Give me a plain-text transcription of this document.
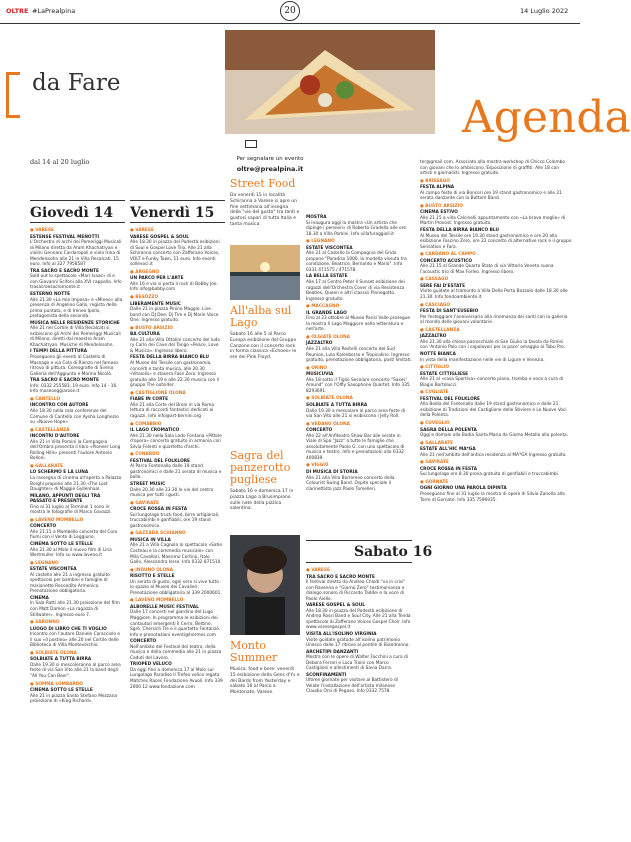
OLTRE #LaPrealpina	20	14 Luglio 2022
da Fare
dal 14 al 20 luglio	Per segnalare un evento
oltre@prealpina.it
Agenda
Giovedì 14 Venerdì 15
● VARESE
ESTENSE FESTIVAL MENOTTI

L'Orchestra di archi dei Pomeriggi Musicali di Milano diretta da Aram Khachatryan e violini Gennaro Cardaropoli e viola Irina di Mendelssohn alle 21 in Villa Recalcati. 15 euro. Info al 327 7958587

TRA SACRO E SACRO MONTE

Sold out lo spettacolo «Marr Isaac» di e con Giovanni Scifoni alla XVI cappella. Info trasacroesacromonte.it

ESTERNO NOTTE

Alle 21.30 «La mia Imposa» e «Mineo» alla presenza di Angelino Gallo, regista della prima puntata, e di Ireneo Ipollo, protagonista della seconda.

MUSICA NELLE RESIDENZE STORICHE

Alle 21 nel Cortile di Villa Recalcati si esibiscono gli Archi dei Pomeriggi Musicali di Milano, diretti dal maestro Aram Khachatryan. Musiche di Mendelssohn.

I TEMPI DELLA PITTURA

Proseguono gli eventi al Castello di Masnago e via Cola di Rienzo nel famoso ritrovo di pittura. Coreografie di Sirena Galleria dell'Aggiunta e Marina Nicolò.

TRA SACRO E SACRO MONTE

Info: 0332 255583, 19 euro. Info 14 - 16. Info museoeggiarose.it

● CANTELLO
INCONTRO CON AUTORE

Alle 18.30 nella sala conferenze del Comune di Cantello con Aysha Longhezio su «Nuove Hope».

● CASTELLANZA
INCONTRI D'AUTORE

Alle 21 in Villa Pomini la Compagnia dell'Ombra presenta il libro «Pioneer Long Rolling Hills» presenti l'autore Antonio Belloni.

● GALLARATE
LO SCHERMO E LA LUNA

La rassegna di cinema all'aperto a Palazzo Borghi propone alle 21.30 «The Lost Daughter» di Maggie Gyllenhaal.

MILANO, APPUNTI DEGLI TRA PASSATO E PRESENTE

Fino al 31 luglio al Terminal 1 sono in mostra le fotografie di Marco Gavazzi.

● LAVENO MOMBELLO
CONCERTO

Alle 21.15 a Mombello concerto del Coro fiumi con il Vento di Leggiuno.

CINEMA SOTTO LE STELLE

Alle 21.30 al Molo il nuovo film di Lina Wertmuller. Info su www.laveno.it

● LEGNANO
ESTATE VISCONTEA

Al castello alle 21 a ingresso gratuito spettacolo per bambini e famiglie di marionette Recondito Armonico. Prenotazione obbligatoria.

CINEMA

In Sala Ratti alle 21.30 proiezione del film con Matt Damon «La ragazza di Stillwater». Ingresso euro 7.

● SARONNO
LUOGO DI LIBRO CHE TI VOGLIO

Incontro con l'autore Daniele Caracciolo e il suo «Il postino» alle 20 nel Cortile delle Biblioteca di Villa Monteverchio.

● SOLBIATE OLONA
SOLBIATE A TUTTA BIRRA

Dalle 19.30 si mescoleranno al parco area feste di via San Vito alle 21 la band degli "All You Can Beer".

● SOMMA LOMBARDO
CINEMA SOTTO LE STELLE

Alle 21 in piazza Santo Stefano Mezzana proiezione di «King Richard».

● VARESE
VARESE GOSPEL & SOUL

Alle 18.30 in piazza del Podestà esibizioni di Soul e Gospel Love Trio. Alle 21 alla Schiranna concerto con Zafferano Voices, VOLT e Funky Town, 11 euro. Info eventi sollevoci.it

● ARGEGNO
UN PARCO PER L'ARTE

Alle 16 e via si porta il rock di Bobby Joe. Info info@bobby.com

● BESOZZO
LIBERAMENTE MUSIC

Dalle 21 in piazza Pinino Maggio. Live band con DJ Dee, Dj Tim e Dj Marin Voice One. Ingresso gratuito.

● BUSTO ARSIZIO
BA CULTURA

Alle 21 alla Villa Ottolini concerto del ludo ry Carlo dei Cave del Tango «Peace, Love & Musica». Ingresso libero.

FESTA DELLA BIRRA BIANCO BLU

Al Museo del Tessile con gastronomia, concerti e tanta musica, alle 20.30 «Vitaiolis» e stasera Fase Zero. Ingresso gratuito alle 19 e alle 22.30 musica con il gruppo The outsider.

● CASTIGLIONE OLONA
FIABE IN CORTE

Alle 21 alla Corte del Broni in via Roma lettura di racconti fantastici dedicati ai ragazzi. Info info@art-bernini.org

● COMABBIO
IL LAGO CROMATICO

Alle 21.30 nella Sala Lodo Fontana «Pittole d'opera» concerto gratuito in armonia con Silvia Felenti e quartetto d'archi.

● CUNARDO
FESTIVAL DEL FOLKLORE

Al Parco Fontenallo dalle 19 stand gastronomici e dalle 21 serata di musica e ballo.

STREET MUSIC

Dalle 20.30 alle 23.30 le vie del centro musica per tutti i gusti.

● GAVIRATE
CROCE ROSSA IN FESTA

Sul lungolago truck food, birre artigianali, truccabimbi e gonfiabili, ore 19 stand gastronomico.

● GAZZADA SCHIANNO
MUSICA IN VILLA

Alle 21 a Villa Cagnola lo spettacolo «Satie Cocteau e la commedia musicale» con Mila Cavallari, Massimo Cortinù, Italo Gallo, Alessandra Ierse. Info 0332 871510.

● INDUNO OLONA
RISOTTO E STELLE

Un serata di gusto, ogni sera si vive tutto lo spazio al Museo dei Cavalieri. Prenotazione obbligatoria al 339 2000601.

● LAVENO MOMBELLO
ALBORELLE MUSIC FESTIVAL

Dalle 17 concerti nel giardino del Lugo Maggiore. In programma le esibizioni dei cantautori emergenti Il Cerro, Bettine, Sgrò, Chersich Tre e il quartetto Fantanzò. Info e prenotazioni eventi@hermes.com

CONCERTO

Nell'ambito del Festival del teatro, della musica e della commedia alle 21 in piazza Caduti del Lavoro.

TRIOPED VELUCO

Da oggi fino a domenica 17 al Molo sul Lungolago Paradiso Il Trofeo velico regata Matches Races Fondazione Avuoli. Info 339 2000 12 www.fondazione.com

Street Food
Da venerdì 15 in località Schiranna a Varese si apre un fine settimana all'insegna delle "vie del gusto" tra tanti e gustosi sapori di tutta Italia e tanta musica.
All'alba sul Lago
Sabato 16 alle 5 al Parco Europa esibizione del Gruppo Canzone con il concerto rock in forma classica «Echoes» le ere dei Pink Floyd.
Sagra del panzerotto pugliese
Sabato 16 e domenica 17 in piazza Lago a Brusimpiano sulle note della pizzica salentina.
Monto Summer
Musica, food e bere: venerdì 15 esibizione della Gens d'Ys e dei Bards from Yesterday e sabato 16 al Parco a Montonate, Varese.
MOSTRA

Si inaugura oggi la mostra «Un artista che dipinge i pensieri» di Roberto Gradella alle ore 18.30 a Villa Pomini. Info villafuraggioli.it

● LEGNANO
ESTATE VISCONTEA

Alle 21 al Castello la Compagnia del Grido propone "Paradiso 1000, la modella vissuta tra condizione, Beatrice, Bernardo e Mario". Info 0331 471575 / 471578.

LA BELLA ESTATE

Alle 17 al Centro Peter il Sunset esibizione dei ragazzi dell'Orchestra Cover di via Resistenza Beatles, Queen e altri classici Pinnegotto. Ingresso gratuito.

● MACCAGNO
IL GRANDE LAGO

Fino al 23 ottobre al Museo Parisi Valle prosegue la mostra Il Lago Maggiore nella letteratura e nell'arte.

● OLGIATE OLONA
JAZZALTRO

Alle 21 alla Villa Restelli concerto del Sud Reunion, Lula Kalenborso e Tropicalino. Ingresso gratuito, prenotazione obbligatoria, posti limitati.

● ORINO
MUSICUVIA

Alle 18 sotto il Tiglio Secolare concerto "Saxes' Around" con l'Olfly Saxophone Quartet. Info 335 8293691.

● SOLBIATE OLONA
SOLBIATE A TUTTA BIRRA

Dalle 19.30 a mescolare al parco area feste di via San Vito alle 21 si esibiscono i Jelly Roll.

● VEDANO OLONA
CONCERTO

Alle 22 all'Anfiteatro Shaw Bar alle serate in Viale di Spa "Jazz" a tutte le famiglie che assolutamente Paolo G. con uno spettacolo di musica e teatro. Info e prenotazioni allo 0332 400839.

● VIGGIÙ
DI MUSICA DI STORIA

Alle 21 alla Villa Borromeo concerto della Colourist Swing Band. Ospite speciale il clarinettista jazz Paolo Tomelleri.

Sabato 16
● VARESE
TRA SACRO E SACRO MONTE

Il festival diretto da Andrea Chiodi "va in crisi" con Ravenna e "Giorno Zero" testimonianza e dialogo sonoro di Riccardo Taddei e la voce di Paolo Aiello.

VARESE GOSPEL & SOUL

Alle 18.30 in piazza del Podestà esibizione di Andrea Rossi Band e Soul City. Alle 21 alla Tenda spettacolo di Zafferano Voices Gospel Choir. Info www.varesegospel.it

VISITA ALL'ISOLINO VIRGINIA

Visite guidate gratuite all'isolino patrimonio Unesco dalle 17 ritrovo al pontile di Biandronno.

ARCHETIPI DANZANTI

Mostra con le opere di Walter Facchini a cura di Debora Ferrari e Luca Traini con Marco Castiglioni e allestimenti di Savia Darra.

SCONFINAMENTI

Ultime giornate per visitare al Battistero di Velate l'installazione dell'artista milanese Claudio Orsi di Pegaso. Info 0332 7578.

ter@gmail.com. Associato alla mostra workshop di Chicco Colombo con giovani che lo ambiscono. Esposizione di graffiti. Alle 18 con artisti e giornalisti. Ingresso gratuito.

● BRISSAGO
FESTA ALPINA

Al campo feste di via Boncori ore 19 stand gastronomico e alle 21 serata danzante con la Bottom Band.

● BUSTO ARSIZIO
CINEMA ESTIVO

Alle 21.15 a villa Calcinelli appuntamento con «La brava moglie» di Martin Provost. Ingresso gratuito.

FESTA DELLA BIRRA BIANCO BLU

Al Museo del Tessile ore 19.30 stand gastronomico e ore 20 alla esibizione Fascino Zero, ore 22 concerto di alternative rock e il gruppo Sensation e Fara.

● CARDANO AL CAMPO
CONCERTO ACUSTICO

Alle 21.15 al Grande Quarto Stato di via Vittorio Veneto suona l'acoustic trio di Max Forleo. Ingresso libero.

● CASSAGO
SERE FAI D'ESTATE

Visite guidate al tramonto a Villa Della Porta Bozzolo dalle 18.30 alle 21.30. Info fondoambiente.it

● CASCIAGO
FESTA DI SANT'EUSEBIO

Per festeggiare l'anniversario alla rinomanza dei santi con la galleria al mondo delle giovani volontarie.

● CASTELLANZA
JAZZALTRO

Alle 21.30 alla chiesa parrocchiale di San Giulio la tavola da Rimini con 'Antonio Palo con i capolavori per la pace' omaggio ai Tabu Pro.

NOTTE BIANCA

In vista della manifestazione nelle vie di Ligure e Venezia.

● CITTIGLIO
ESTATE CITTIGLIESE

Alle 21 al «casa Sportiva» concerto piano, tromba e voce a cura di Biagio Bortolucci.

● CUGLIATE
FESTIVAL DEL FOLKLORE

Alla Badia del Fontenallo dalle 19 stand gastronomico e dalle 21 esibizione di Tradizioni del Castiglione delle Stiviere e Le Nuove Voci della Polenta.

● CUVEGLIO
SAGRA DELLA POLENTA

Oggi e domani alla Badia Santa Maria da Giomo Metallo alla polenta.

● GALLARATE
ESTATE ALL'HIC MA*GA

Alle 21 nell'ambito dell'antica residenza al MA*GA Ingresso gratuito.

● GAVIRATE
CROCE ROSSA IN FESTA

Sul lungolago ore 8.30 prova gratuita di gonfiabili e truccabimbi.

● GORNATE
OGNI GIORNO UNA PAROLA DIPINTA

Proseguono fino al 31 luglio la mostra di opere di Silvio Zanella alla Torre di Gornate. Info 335 7596935.
